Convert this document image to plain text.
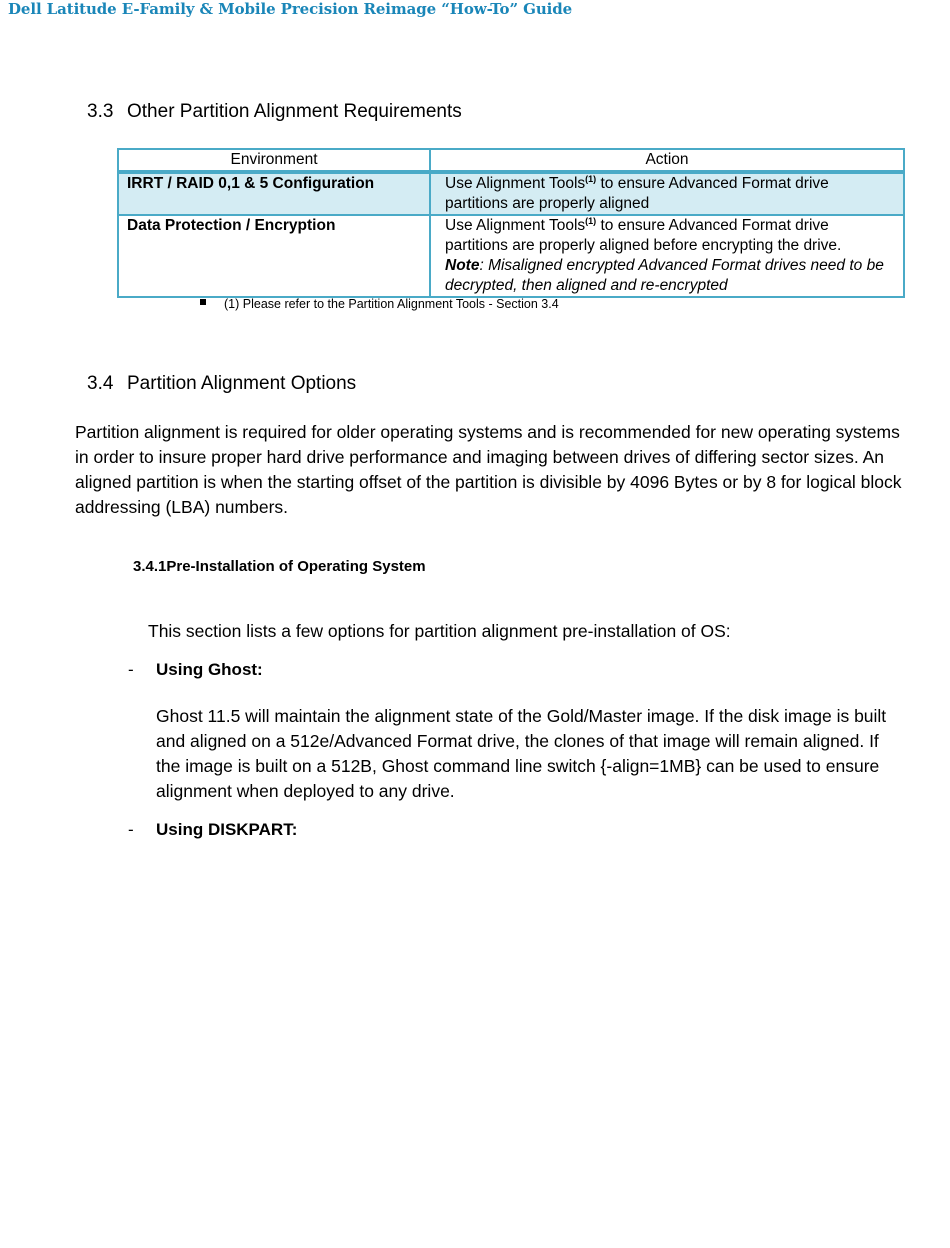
Dell Latitude E-Family & Mobile Precision Reimage “How-To” Guide
3.3 Other Partition Alignment Requirements
Environment	Action
IRRT / RAID 0,1 & 5 Configuration	Use Alignment Tools$^{(1)}$ to ensure Advanced Format drive partitions are properly aligned
Data Protection / Encryption	Use Alignment Tools$^{(1)}$ to ensure Advanced Format drive partitions are properly aligned before encrypting the drive.
Note: Misaligned encrypted Advanced Format drives need to be decrypted, then aligned and re-encrypted
(1) Please refer to the Partition Alignment Tools - Section 3.4
3.4 Partition Alignment Options

Partition alignment is required for older operating systems and is recommended for new operating systems in order to insure proper hard drive performance and imaging between drives of differing sector sizes. An aligned partition is when the starting offset of the partition is divisible by 4096 Bytes or by 8 for logical block addressing (LBA) numbers.

3.4.1Pre-Installation of Operating System

This section lists a few options for partition alignment pre-installation of OS:

- Using Ghost:

Ghost 11.5 will maintain the alignment state of the Gold/Master image. If the disk image is built and aligned on a 512e/Advanced Format drive, the clones of that image will remain aligned. If the image is built on a 512B, Ghost command line switch {-align=1MB} can be used to ensure alignment when deployed to any drive.

- Using DISKPART:
